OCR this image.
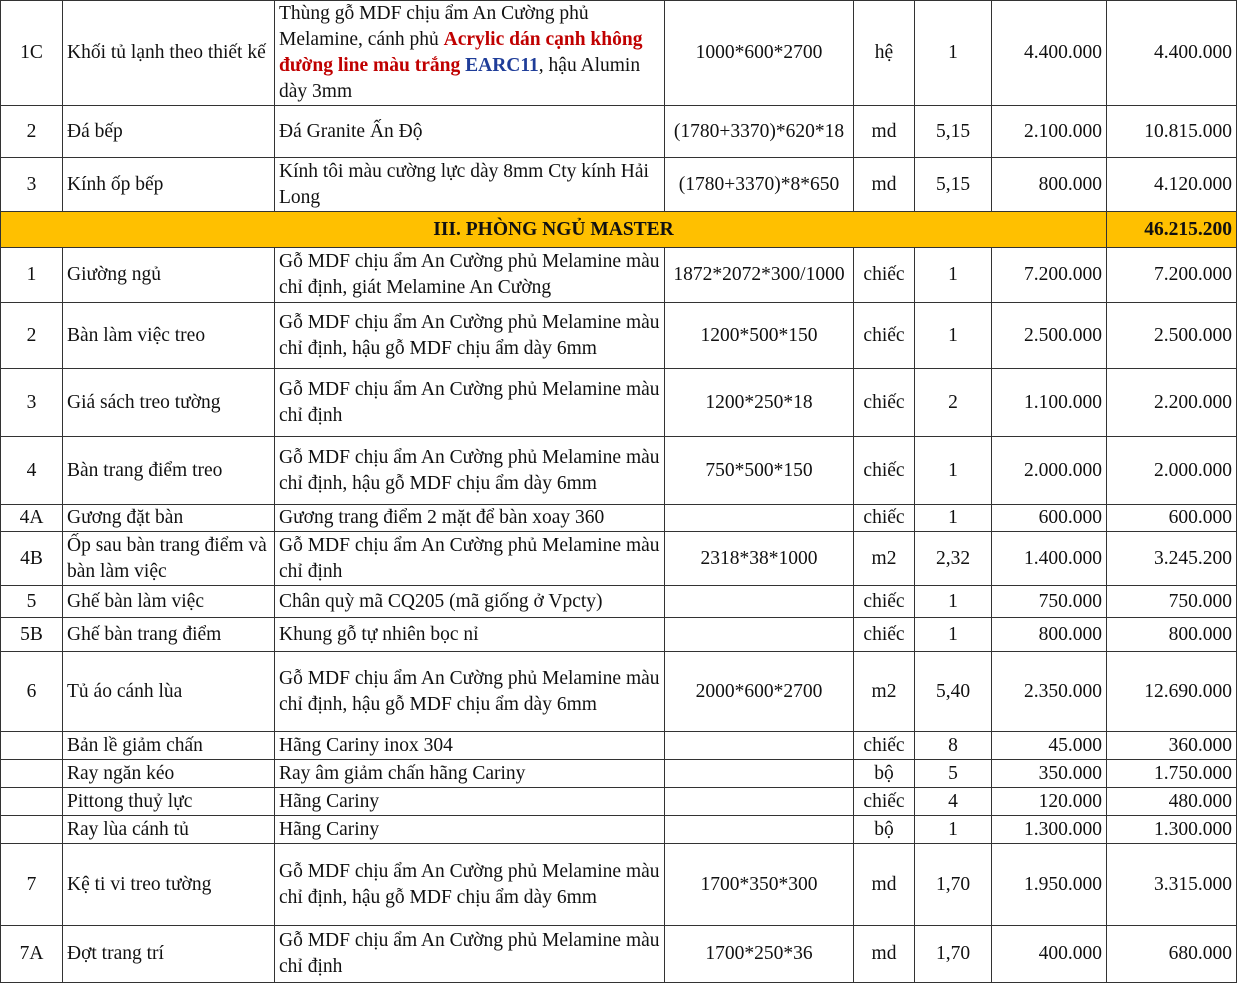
1C	Khối tủ lạnh theo thiết kế	Thùng gỗ MDF chịu ẩm An Cường phủ Melamine, cánh phủ Acrylic dán cạnh không đường line màu trắng EARC11, hậu Alumin dày 3mm	1000*600*2700	hệ	1	4.400.000	4.400.000
2	Đá bếp	Đá Granite Ấn Độ	(1780+3370)*620*18	md	5,15	2.100.000	10.815.000
3	Kính ốp bếp	Kính tôi màu cường lực dày 8mm Cty kính Hải Long	(1780+3370)*8*650	md	5,15	800.000	4.120.000
III. PHÒNG NGỦ MASTER							46.215.200
1	Giường ngủ	Gỗ MDF chịu ẩm An Cường phủ Melamine màu chỉ định, giát Melamine An Cường	1872*2072*300/1000	chiếc	1	7.200.000	7.200.000
2	Bàn làm việc treo	Gỗ MDF chịu ẩm An Cường phủ Melamine màu chỉ định, hậu gỗ MDF chịu ẩm dày 6mm	1200*500*150	chiếc	1	2.500.000	2.500.000
3	Giá sách treo tường	Gỗ MDF chịu ẩm An Cường phủ Melamine màu chỉ định	1200*250*18	chiếc	2	1.100.000	2.200.000
4	Bàn trang điểm treo	Gỗ MDF chịu ẩm An Cường phủ Melamine màu chỉ định, hậu gỗ MDF chịu ẩm dày 6mm	750*500*150	chiếc	1	2.000.000	2.000.000
4A	Gương đặt bàn	Gương trang điểm 2 mặt để bàn xoay 360		chiếc	1	600.000	600.000
4B	Ốp sau bàn trang điểm và bàn làm việc	Gỗ MDF chịu ẩm An Cường phủ Melamine màu chỉ định	2318*38*1000	m2	2,32	1.400.000	3.245.200
5	Ghế bàn làm việc	Chân quỳ mã CQ205 (mã giống ở Vpcty)		chiếc	1	750.000	750.000
5B	Ghế bàn trang điểm	Khung gỗ tự nhiên bọc nỉ		chiếc	1	800.000	800.000
6	Tủ áo cánh lùa	Gỗ MDF chịu ẩm An Cường phủ Melamine màu chỉ định, hậu gỗ MDF chịu ẩm dày 6mm	2000*600*2700	m2	5,40	2.350.000	12.690.000
	Bản lề giảm chấn	Hãng Cariny inox 304		chiếc	8	45.000	360.000
	Ray ngăn kéo	Ray âm giảm chấn hãng Cariny		bộ	5	350.000	1.750.000
	Pittong thuỷ lực	Hãng Cariny		chiếc	4	120.000	480.000
	Ray lùa cánh tủ	Hãng Cariny		bộ	1	1.300.000	1.300.000
7	Kệ ti vi treo tường	Gỗ MDF chịu ẩm An Cường phủ Melamine màu chỉ định, hậu gỗ MDF chịu ẩm dày 6mm	1700*350*300	md	1,70	1.950.000	3.315.000
7A	Đợt trang trí	Gỗ MDF chịu ẩm An Cường phủ Melamine màu chỉ định	1700*250*36	md	1,70	400.000	680.000
